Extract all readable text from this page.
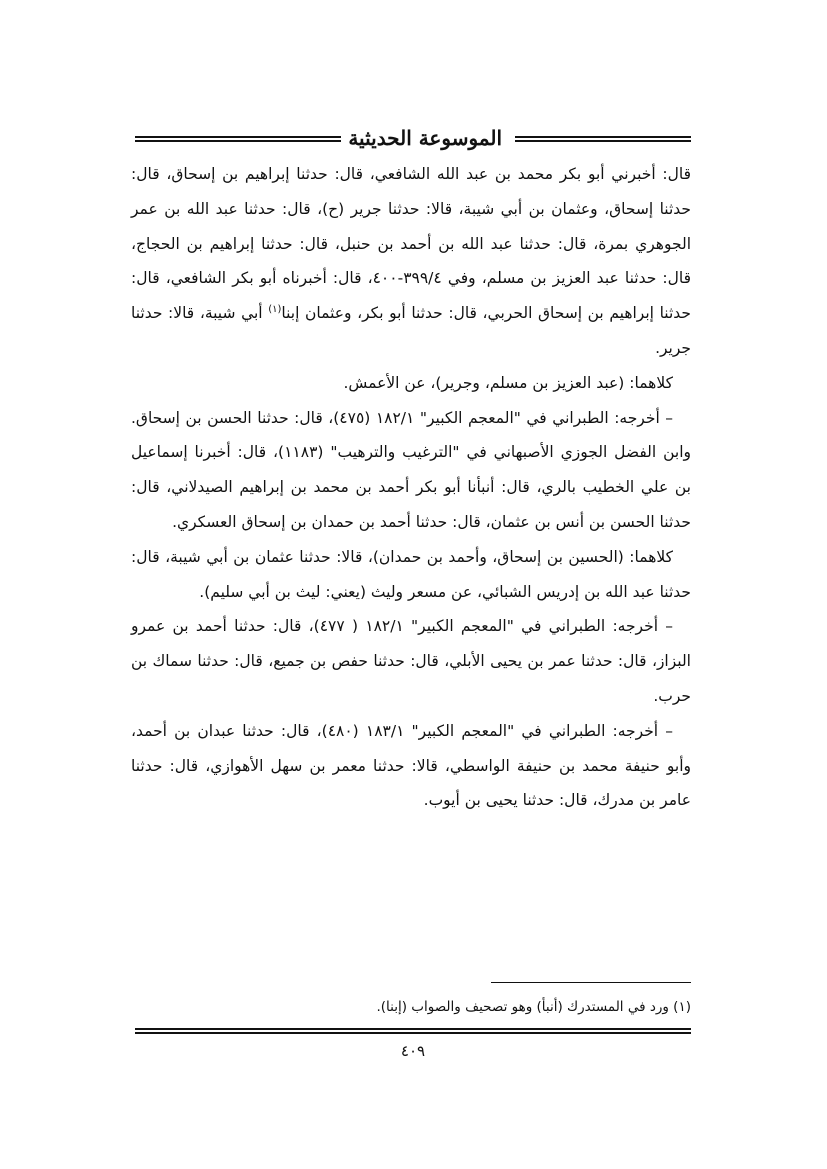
الموسوعة الحديثية

قال: أخبرني أبو بكر محمد بن عبد الله الشافعي، قال: حدثنا إبراهيم بن إسحاق، قال: حدثنا إسحاق، وعثمان بن أبي شيبة، قالا: حدثنا جرير (ح)، قال: حدثنا عبد الله بن عمر الجوهري بمرة، قال: حدثنا عبد الله بن أحمد بن حنبل، قال: حدثنا إبراهيم بن الحجاج، قال: حدثنا عبد العزيز بن مسلم، وفي ٣٩٩/٤-٤٠٠، قال: أخبرناه أبو بكر الشافعي، قال: حدثنا إبراهيم بن إسحاق الحربي، قال: حدثنا أبو بكر، وعثمان إبنا$^{(١)}$ أبي شيبة، قالا: حدثنا جرير.

كلاهما: (عبد العزيز بن مسلم، وجرير)، عن الأعمش.

– أخرجه: الطبراني في "المعجم الكبير" ١٨٢/١ (٤٧٥)، قال: حدثنا الحسن بن إسحاق. وابن الفضل الجوزي الأصبهاني في "الترغيب والترهيب" (١١٨٣)، قال: أخبرنا إسماعيل بن علي الخطيب بالري، قال: أنبأنا أبو بكر أحمد بن محمد بن إبراهيم الصيدلاني، قال: حدثنا الحسن بن أنس بن عثمان، قال: حدثنا أحمد بن حمدان بن إسحاق العسكري.

كلاهما: (الحسين بن إسحاق، وأحمد بن حمدان)، قالا: حدثنا عثمان بن أبي شيبة، قال: حدثنا عبد الله بن إدريس الشبائي، عن مسعر وليث (يعني: ليث بن أبي سليم).

– أخرجه: الطبراني في "المعجم الكبير" ١٨٢/١ ( ٤٧٧)، قال: حدثنا أحمد بن عمرو البزاز، قال: حدثنا عمر بن يحيى الأبلي، قال: حدثنا حفص بن جميع، قال: حدثنا سماك بن حرب.

– أخرجه: الطبراني في "المعجم الكبير" ١٨٣/١ (٤٨٠)، قال: حدثنا عبدان بن أحمد، وأبو حنيفة محمد بن حنيفة الواسطي، قالا: حدثنا معمر بن سهل الأهوازي، قال: حدثنا عامر بن مدرك، قال: حدثنا يحيى بن أيوب.

(١) ورد في المستدرك (أنبأ) وهو تصحيف والصواب (إبنا).
٤٠٩
